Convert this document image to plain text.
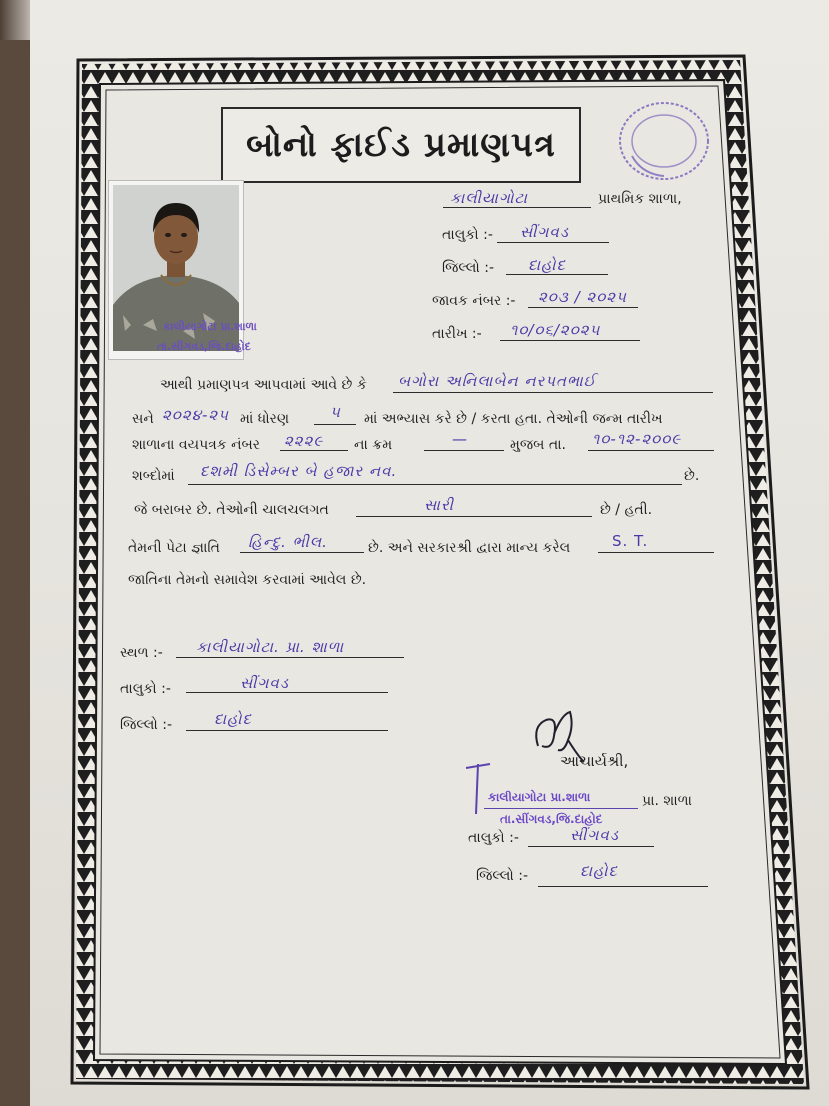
બોનો ફાઈડ પ્રમાણપત્ર
કાલીયાગોટા પ્રા.શાળા
તા.સીંગવડ,જિ.દાહોદ
કાલીયાગોટા	પ્રાથમિક શાળા,
તાલુકો :- સીંગવડ
જિલ્લો :- દાહોદ
જાવક નંબર :- ૨૦૩ / ૨૦૨૫
તારીખ :- ૧૦/૦૬/૨૦૨૫
આથી પ્રમાણપત્ર આપવામાં આવે છે કે બગોરા અનિલાબેન નરપતભાઈ
સને ૨૦૨૪-૨૫ માં ધોરણ	૫ માં અભ્યાસ કરે છે / કરતા હતા. તેઓની જન્મ તારીખ
શાળાના વયપત્રક નંબર ૨૨૨૯ ના ક્રમ	—	મુજબ તા. ૧૦-૧૨-૨૦૦૯
શબ્દોમાં દશમી ડિસેમ્બર બે હજાર નવ.	છે.
જે બરાબર છે. તેઓની ચાલચલગત	સારી	છે / હતી.
તેમની પેટા જ્ઞાતિ હિન્દુ. ભીલ.	છે. અને સરકારશ્રી દ્વારા માન્ય કરેલ	S. T.
જાતિના તેમનો સમાવેશ કરવામાં આવેલ છે.
સ્થળ :- કાલીયાગોટા. પ્રા. શાળા
તાલુકો :-	સીંગવડ
જિલ્લો :-	દાહોદ
આચાર્યશ્રી,
કાલીયાગોટા પ્રા.શાળા	પ્રા. શાળા
તા.સીંગવડ,જિ.દાહોદ
તાલુકો :-	સીંગવડ
જિલ્લો :-	દાહોદ
